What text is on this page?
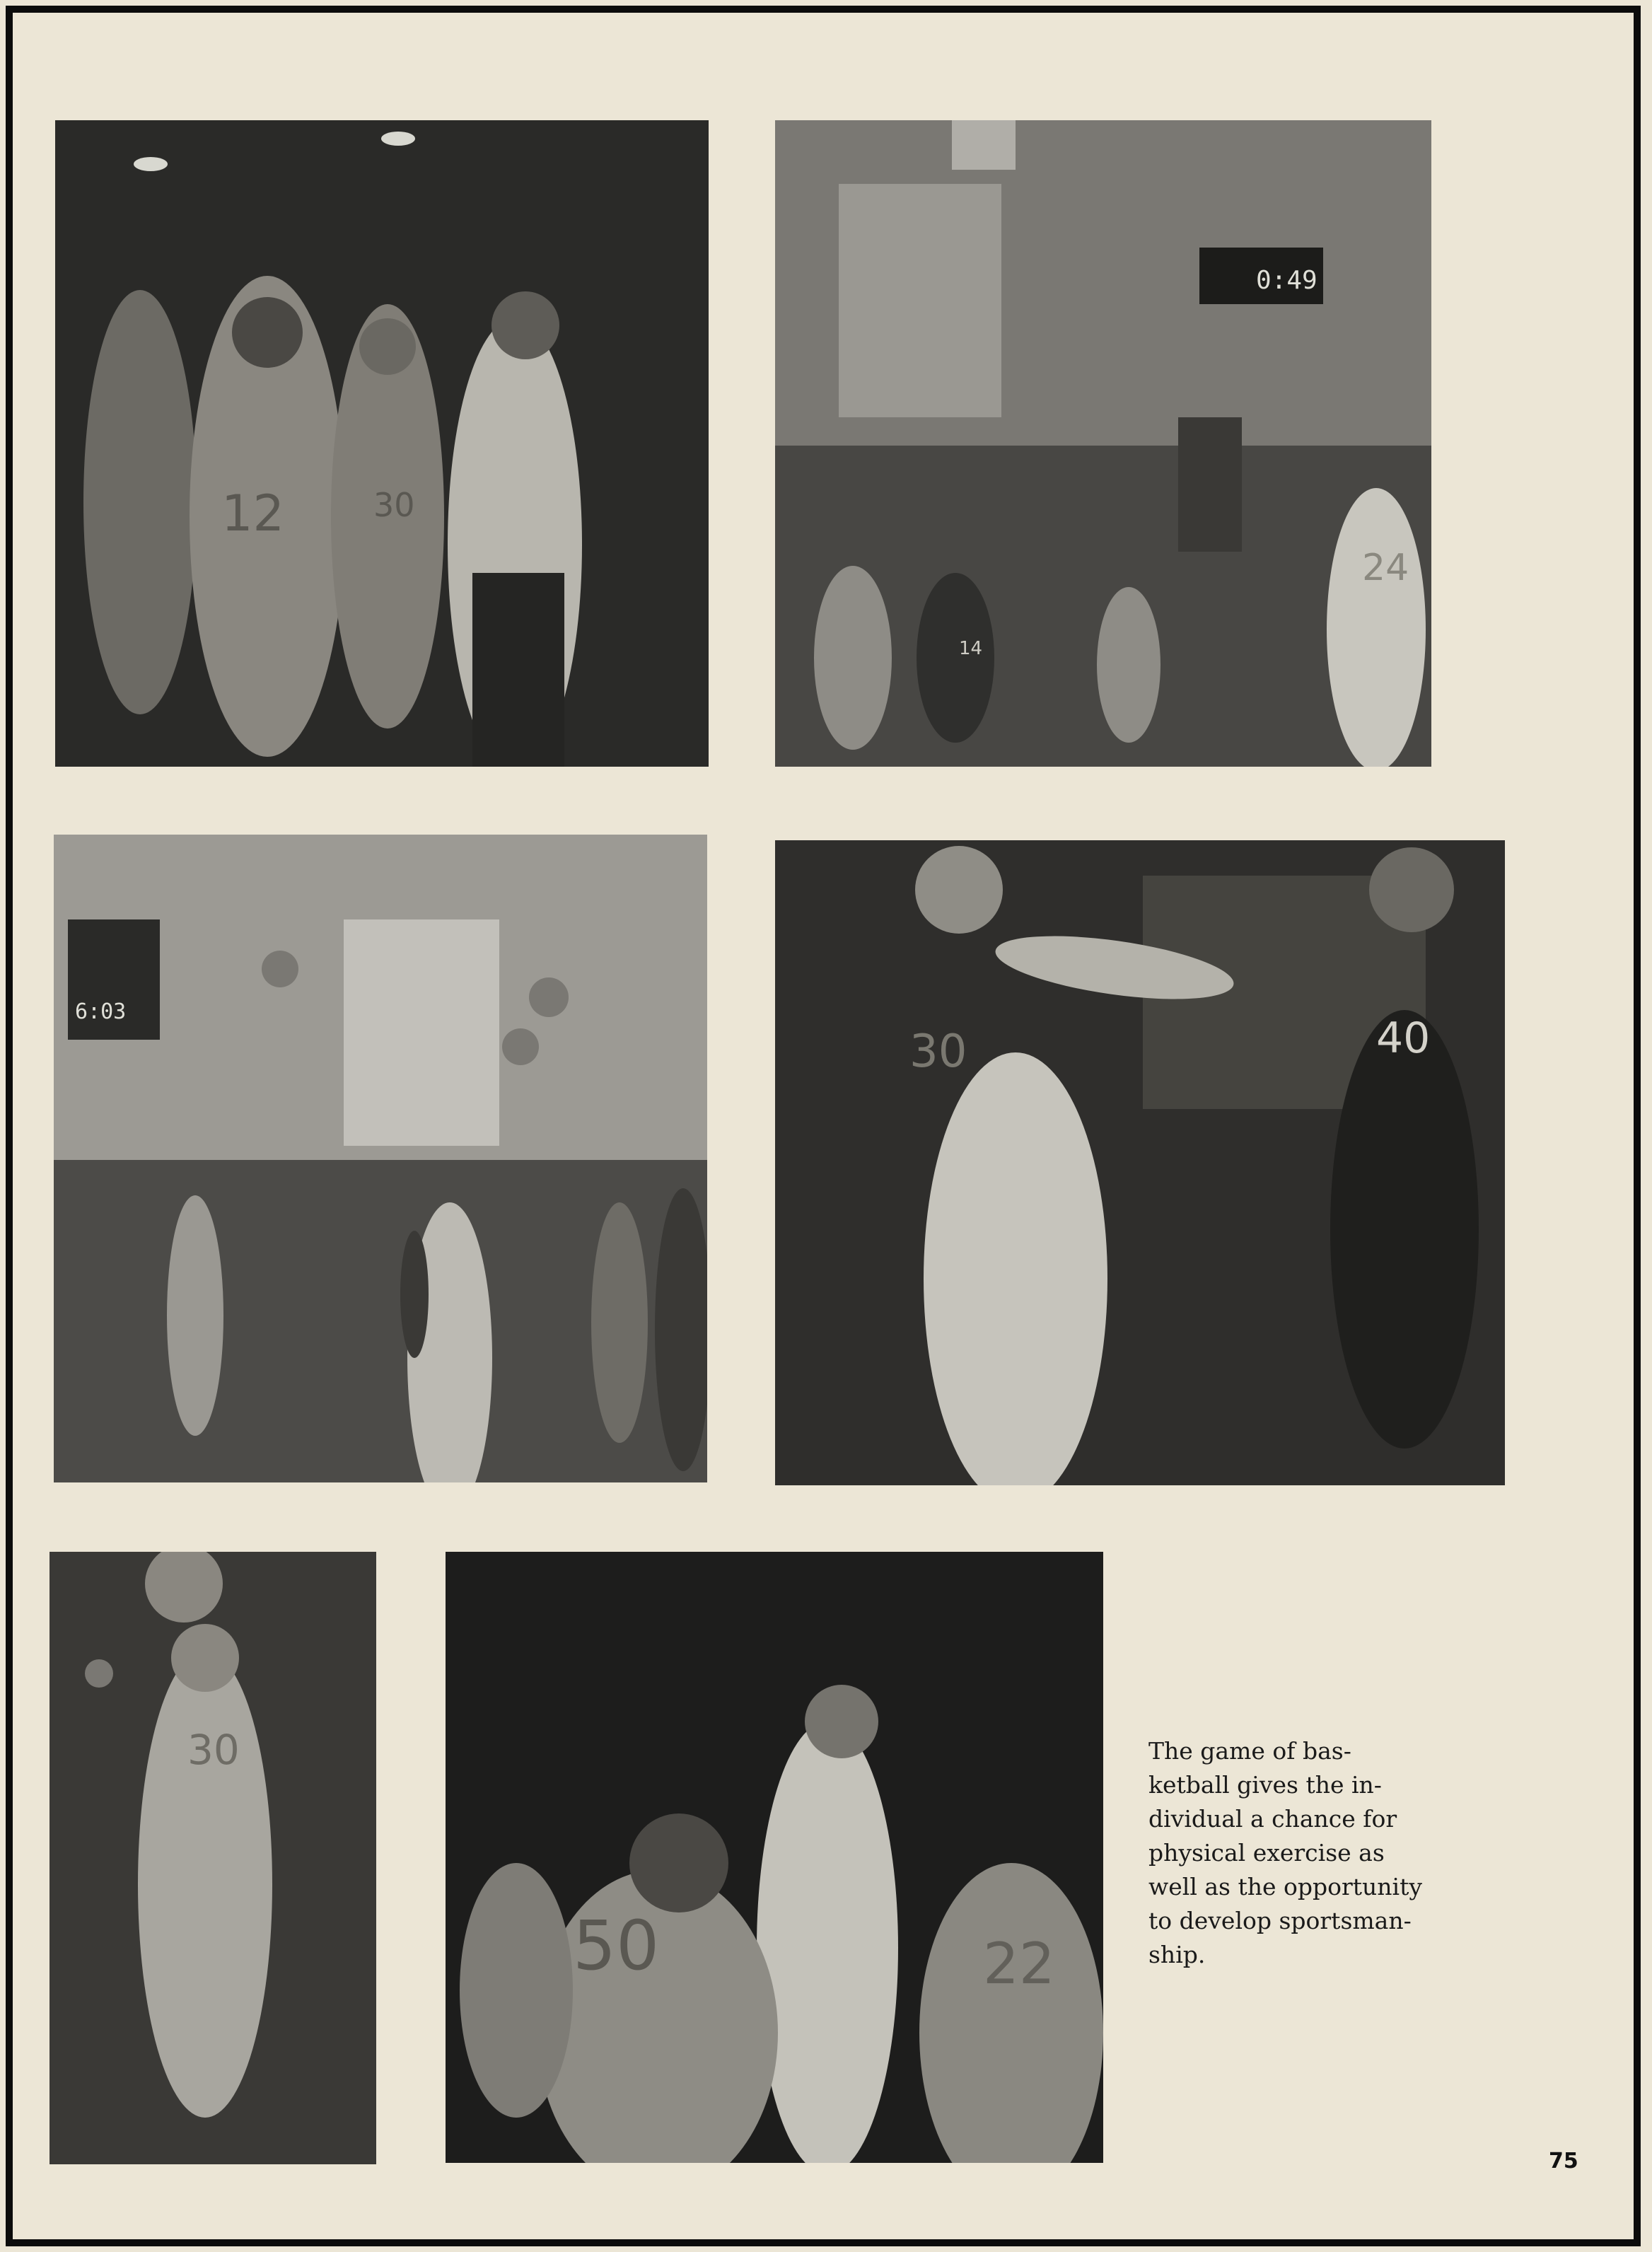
12	30
0:49
14
24
6:03
30	40
30
50	22
The game of bas-
ketball gives the in-
dividual a chance for
physical exercise as
well as the opportunity
to develop sportsman-
ship.
75
